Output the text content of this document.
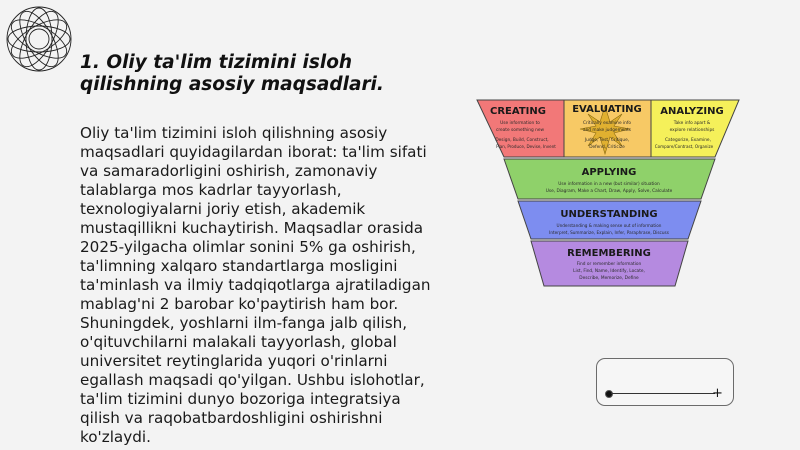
1. Oliy ta'lim tizimini isloh qilishning asosiy maqsadlari.
Oliy ta'lim tizimini isloh qilishning asosiy maqsadlari quyidagilardan iborat: ta'lim sifati va samaradorligini oshirish, zamonaviy talablarga mos kadrlar tayyorlash, texnologiyalarni joriy etish, akademik mustaqillikni kuchaytirish. Maqsadlar orasida 2025-yilgacha olimlar sonini 5% ga oshirish, ta'limning xalqaro standartlarga mosligini ta'minlash va ilmiy tadqiqotlarga ajratiladigan mablag'ni 2 barobar ko'paytirish ham bor. Shuningdek, yoshlarni ilm-fanga jalb qilish, o'qituvchilarni malakali tayyorlash, global universitet reytinglarida yuqori o'rinlarni egallash maqsadi qo'yilgan. Ushbu islohotlar, ta'lim tizimini dunyo bozoriga integratsiya qilish va raqobatbardoshligini oshirishni ko'zlaydi.
CREATING
Use information to
create something new
Design, Build, Construct,
Plan, Produce, Devise, Invent
EVALUATING
Critically examine info
and make judgements
Judge, Test, Critique,
Defend, Criticize
ANALYZING
Take info apart &
explore relationships
Categorize, Examine,
Compare/Contrast, Organize
APPLYING
Use information in a new (but similar) situation
Use, Diagram, Make a Chart, Draw, Apply, Solve, Calculate
UNDERSTANDING
Understanding & making sense out of information
Interpret, Summarize, Explain, Infer, Paraphrase, Discuss
REMEMBERING
Find or remember information
List, Find, Name, Identify, Locate,
Describe, Memorize, Define
+
